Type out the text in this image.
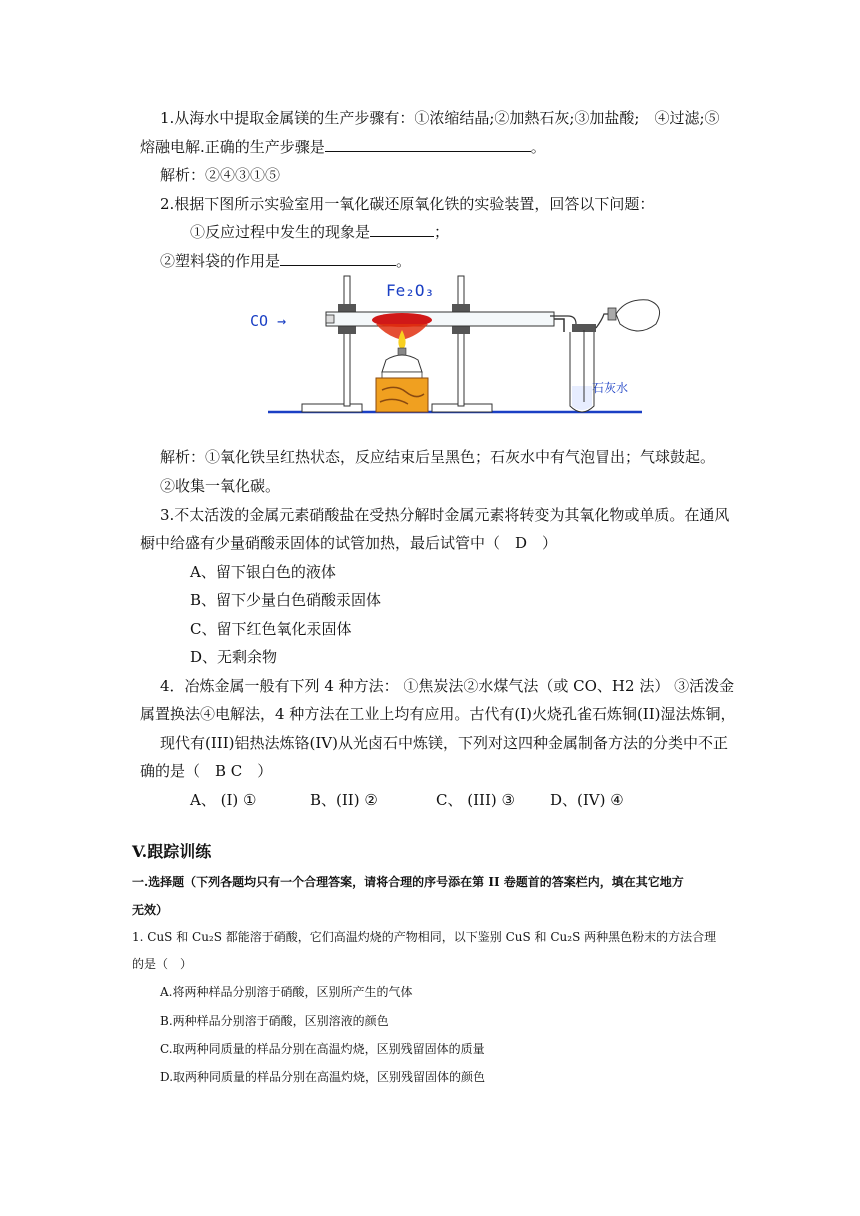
1.从海水中提取金属镁的生产步骤有：①浓缩结晶;②加熱石灰;③加盐酸;　④过滤;⑤
熔融电解.正确的生产步骤是	。
解析：②④③①⑤
2.根据下图所示实验室用一氧化碳还原氧化铁的实验装置，回答以下问题：
①反应过程中发生的现象是	；
②塑料袋的作用是	。
Fe₂O₃
CO →
石灰水
解析：①氧化铁呈红热状态，反应结束后呈黑色；石灰水中有气泡冒出；气球鼓起。
②收集一氧化碳。
3.不太活泼的金属元素硝酸盐在受热分解时金属元素将转变为其氧化物或单质。在通风
橱中给盛有少量硝酸汞固体的试管加热，最后试管中（　D　）
A、留下银白色的液体
B、留下少量白色硝酸汞固体
C、留下红色氧化汞固体
D、无剩余物
4．冶炼金属一般有下列 4 种方法： ①焦炭法②水煤气法（或 CO、H2 法） ③活泼金
属置换法④电解法，4 种方法在工业上均有应用。古代有(I)火烧孔雀石炼铜(II)湿法炼铜，
现代有(III)铝热法炼铬(IV)从光卤石中炼镁，下列对这四种金属制备方法的分类中不正
确的是（　B C　）
A、 (I) ①	B、(II) ②	C、 (III) ③ D、(IV) ④
V.跟踪训练
一.选择题（下列各题均只有一个合理答案，请将合理的序号添在第 II 卷题首的答案栏内，填在其它地方
无效）
1. CuS 和 Cu₂S 都能溶于硝酸，它们高温灼烧的产物相同，以下鉴别 CuS 和 Cu₂S 两种黑色粉末的方法合理
的是（　）
A.将两种样品分别溶于硝酸，区别所产生的气体
B.两种样品分别溶于硝酸，区别溶液的颜色
C.取两种同质量的样品分别在高温灼烧，区别残留固体的质量
D.取两种同质量的样品分别在高温灼烧，区别残留固体的颜色
